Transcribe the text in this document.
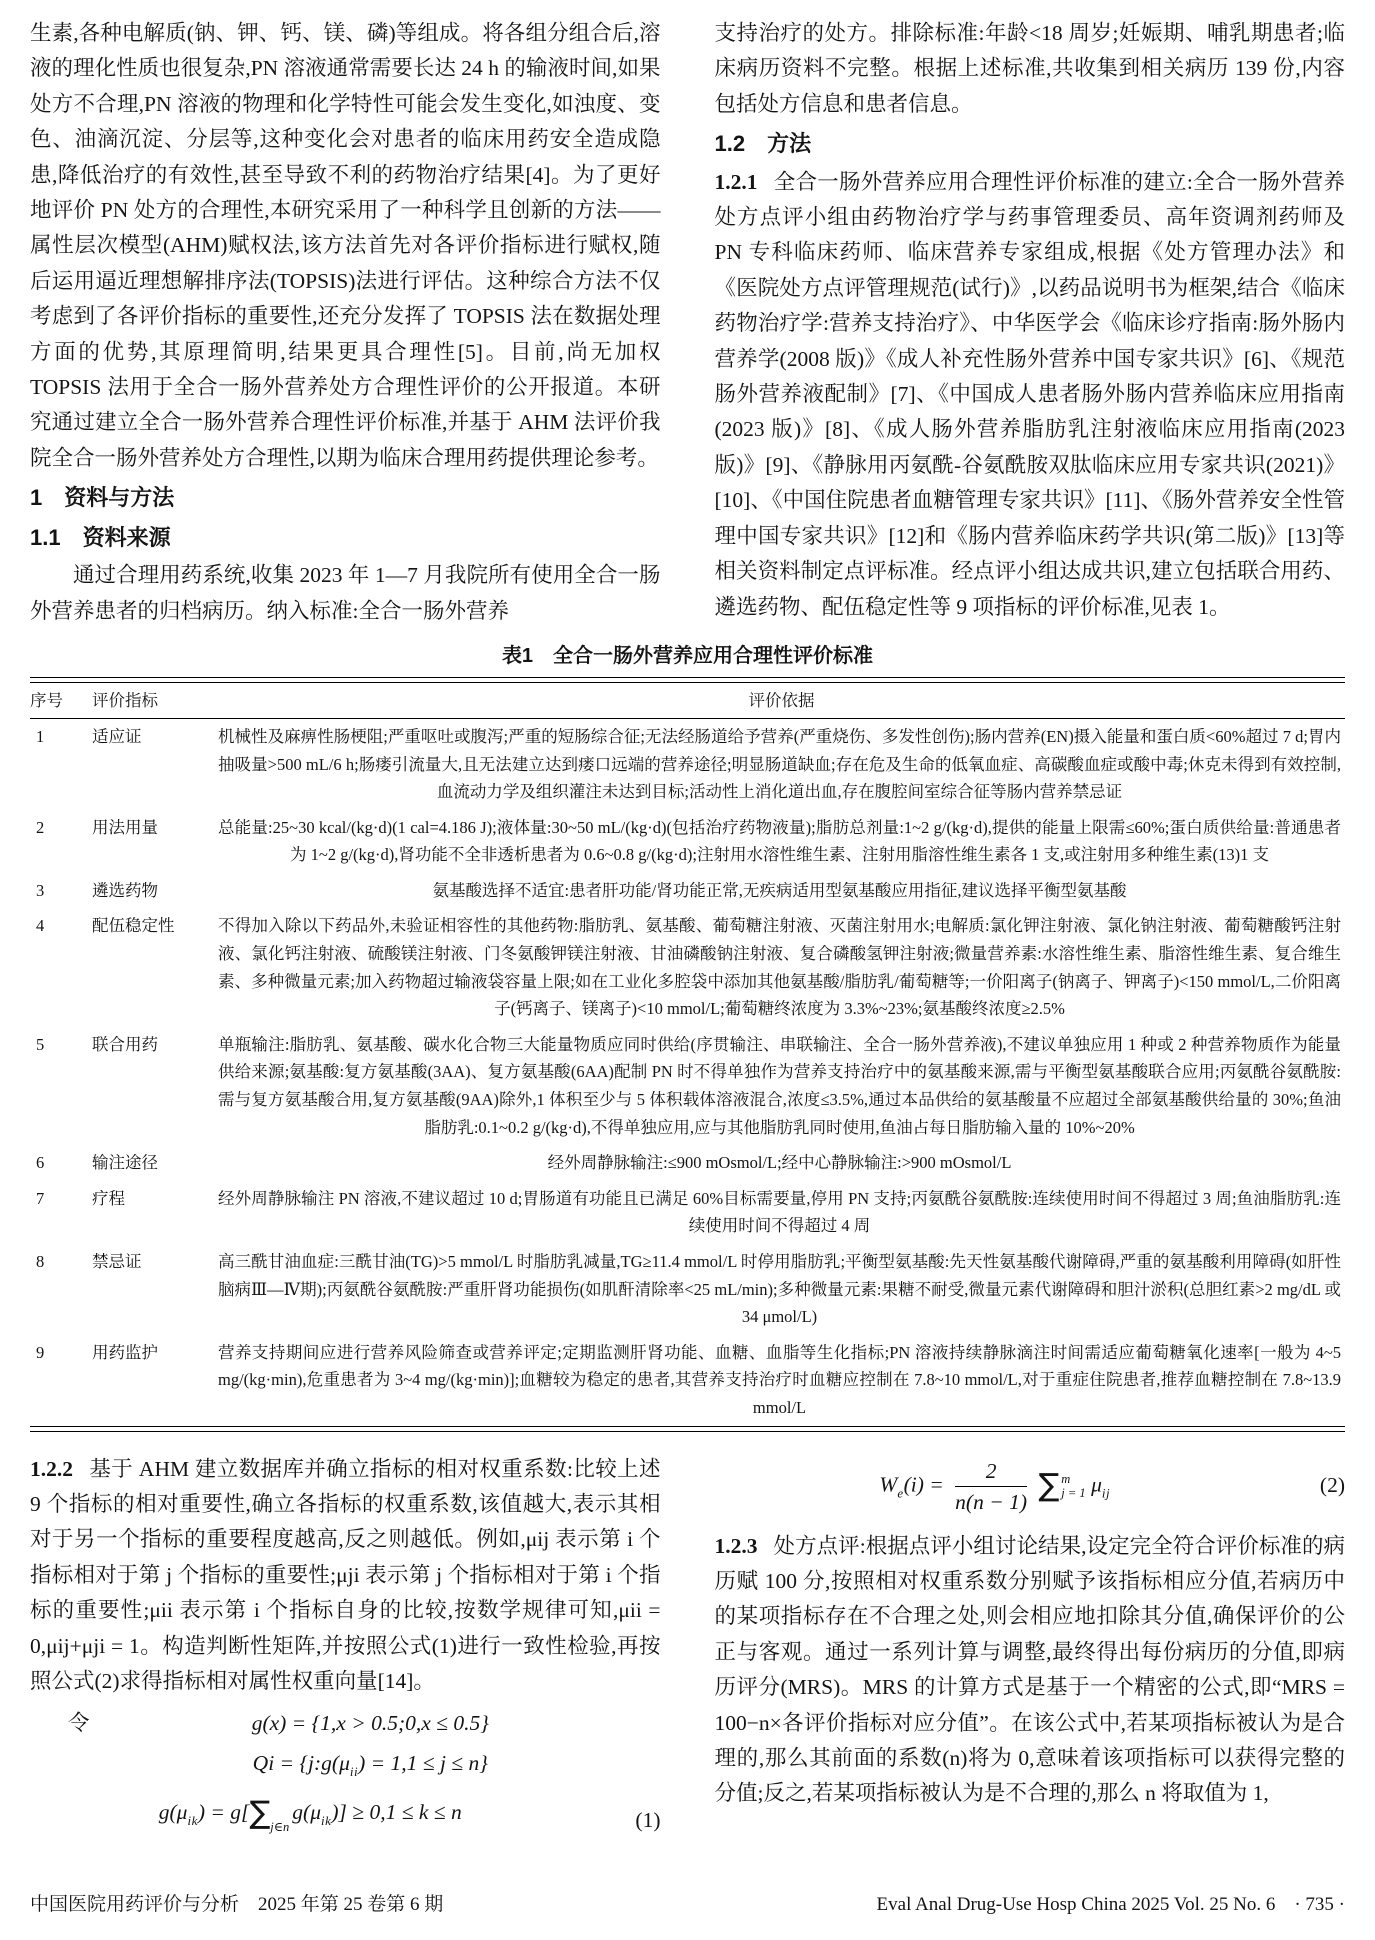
生素,各种电解质(钠、钾、钙、镁、磷)等组成。将各组分组合后,溶液的理化性质也很复杂,PN 溶液通常需要长达 24 h 的输液时间,如果处方不合理,PN 溶液的物理和化学特性可能会发生变化,如浊度、变色、油滴沉淀、分层等,这种变化会对患者的临床用药安全造成隐患,降低治疗的有效性,甚至导致不利的药物治疗结果[4]。为了更好地评价 PN 处方的合理性,本研究采用了一种科学且创新的方法——属性层次模型(AHM)赋权法,该方法首先对各评价指标进行赋权,随后运用逼近理想解排序法(TOPSIS)法进行评估。这种综合方法不仅考虑到了各评价指标的重要性,还充分发挥了 TOPSIS 法在数据处理方面的优势,其原理简明,结果更具合理性[5]。目前,尚无加权 TOPSIS 法用于全合一肠外营养处方合理性评价的公开报道。本研究通过建立全合一肠外营养合理性评价标准,并基于 AHM 法评价我院全合一肠外营养处方合理性,以期为临床合理用药提供理论参考。

1　资料与方法
1.1　资料来源

通过合理用药系统,收集 2023 年 1—7 月我院所有使用全合一肠外营养患者的归档病历。纳入标准:全合一肠外营养

支持治疗的处方。排除标准:年龄<18 周岁;妊娠期、哺乳期患者;临床病历资料不完整。根据上述标准,共收集到相关病历 139 份,内容包括处方信息和患者信息。

1.2　方法

1.2.1 全合一肠外营养应用合理性评价标准的建立:全合一肠外营养处方点评小组由药物治疗学与药事管理委员、高年资调剂药师及 PN 专科临床药师、临床营养专家组成,根据《处方管理办法》和《医院处方点评管理规范(试行)》,以药品说明书为框架,结合《临床药物治疗学:营养支持治疗》、中华医学会《临床诊疗指南:肠外肠内营养学(2008 版)》《成人补充性肠外营养中国专家共识》[6]、《规范肠外营养液配制》[7]、《中国成人患者肠外肠内营养临床应用指南(2023 版)》[8]、《成人肠外营养脂肪乳注射液临床应用指南(2023 版)》[9]、《静脉用丙氨酰-谷氨酰胺双肽临床应用专家共识(2021)》[10]、《中国住院患者血糖管理专家共识》[11]、《肠外营养安全性管理中国专家共识》[12]和《肠内营养临床药学共识(第二版)》[13]等相关资料制定点评标准。经点评小组达成共识,建立包括联合用药、遴选药物、配伍稳定性等 9 项指标的评价标准,见表 1。

表1　全合一肠外营养应用合理性评价标准
序号	评价指标	评价依据
1	适应证	机械性及麻痹性肠梗阻;严重呕吐或腹泻;严重的短肠综合征;无法经肠道给予营养(严重烧伤、多发性创伤);肠内营养(EN)摄入能量和蛋白质<60%超过 7 d;胃内抽吸量>500 mL/6 h;肠瘘引流量大,且无法建立达到瘘口远端的营养途径;明显肠道缺血;存在危及生命的低氧血症、高碳酸血症或酸中毒;休克未得到有效控制,血流动力学及组织灌注未达到目标;活动性上消化道出血,存在腹腔间室综合征等肠内营养禁忌证
2	用法用量	总能量:25~30 kcal/(kg·d)(1 cal=4.186 J);液体量:30~50 mL/(kg·d)(包括治疗药物液量);脂肪总剂量:1~2 g/(kg·d),提供的能量上限需≤60%;蛋白质供给量:普通患者为 1~2 g/(kg·d),肾功能不全非透析患者为 0.6~0.8 g/(kg·d);注射用水溶性维生素、注射用脂溶性维生素各 1 支,或注射用多种维生素(13)1 支
3	遴选药物	氨基酸选择不适宜:患者肝功能/肾功能正常,无疾病适用型氨基酸应用指征,建议选择平衡型氨基酸
4	配伍稳定性	不得加入除以下药品外,未验证相容性的其他药物:脂肪乳、氨基酸、葡萄糖注射液、灭菌注射用水;电解质:氯化钾注射液、氯化钠注射液、葡萄糖酸钙注射液、氯化钙注射液、硫酸镁注射液、门冬氨酸钾镁注射液、甘油磷酸钠注射液、复合磷酸氢钾注射液;微量营养素:水溶性维生素、脂溶性维生素、复合维生素、多种微量元素;加入药物超过输液袋容量上限;如在工业化多腔袋中添加其他氨基酸/脂肪乳/葡萄糖等;一价阳离子(钠离子、钾离子)<150 mmol/L,二价阳离子(钙离子、镁离子)<10 mmol/L;葡萄糖终浓度为 3.3%~23%;氨基酸终浓度≥2.5%
5	联合用药	单瓶输注:脂肪乳、氨基酸、碳水化合物三大能量物质应同时供给(序贯输注、串联输注、全合一肠外营养液),不建议单独应用 1 种或 2 种营养物质作为能量供给来源;氨基酸:复方氨基酸(3AA)、复方氨基酸(6AA)配制 PN 时不得单独作为营养支持治疗中的氨基酸来源,需与平衡型氨基酸联合应用;丙氨酰谷氨酰胺:需与复方氨基酸合用,复方氨基酸(9AA)除外,1 体积至少与 5 体积载体溶液混合,浓度≤3.5%,通过本品供给的氨基酸量不应超过全部氨基酸供给量的 30%;鱼油脂肪乳:0.1~0.2 g/(kg·d),不得单独应用,应与其他脂肪乳同时使用,鱼油占每日脂肪输入量的 10%~20%
6	输注途径	经外周静脉输注:≤900 mOsmol/L;经中心静脉输注:>900 mOsmol/L
7	疗程	经外周静脉输注 PN 溶液,不建议超过 10 d;胃肠道有功能且已满足 60%目标需要量,停用 PN 支持;丙氨酰谷氨酰胺:连续使用时间不得超过 3 周;鱼油脂肪乳:连续使用时间不得超过 4 周
8	禁忌证	高三酰甘油血症:三酰甘油(TG)>5 mmol/L 时脂肪乳减量,TG≥11.4 mmol/L 时停用脂肪乳;平衡型氨基酸:先天性氨基酸代谢障碍,严重的氨基酸利用障碍(如肝性脑病Ⅲ—Ⅳ期);丙氨酰谷氨酰胺:严重肝肾功能损伤(如肌酐清除率<25 mL/min);多种微量元素:果糖不耐受,微量元素代谢障碍和胆汁淤积(总胆红素>2 mg/dL 或 34 μmol/L)
9	用药监护	营养支持期间应进行营养风险筛查或营养评定;定期监测肝肾功能、血糖、血脂等生化指标;PN 溶液持续静脉滴注时间需适应葡萄糖氧化速率[一般为 4~5 mg/(kg·min),危重患者为 3~4 mg/(kg·min)];血糖较为稳定的患者,其营养支持治疗时血糖应控制在 7.8~10 mmol/L,对于重症住院患者,推荐血糖控制在 7.8~13.9 mmol/L

1.2.2 基于 AHM 建立数据库并确立指标的相对权重系数:比较上述 9 个指标的相对重要性,确立各指标的权重系数,该值越大,表示其相对于另一个指标的重要程度越高,反之则越低。例如,μij 表示第 i 个指标相对于第 j 个指标的重要性;μji 表示第 j 个指标相对于第 i 个指标的重要性;μii 表示第 i 个指标自身的比较,按数学规律可知,μii = 0,μij+μji = 1。构造判断性矩阵,并按照公式(1)进行一致性检验,再按照公式(2)求得指标相对属性权重向量[14]。

令	g(x) = {1,x > 0.5;0,x ≤ 0.5}
$Qi = \{j:g(\mu_{ii}) = 1,1 \le j \le n\}$
$g(\mu_{ik}) = g[\sum_{j\in n}g(\mu_{ik})] \ge 0,1 \le k \le n$	(1)
$W_e(i) = \frac{2}{n(n - 1)}$ ∑ m
j = 1 $\mu_{ij}$	(2)

1.2.3 处方点评:根据点评小组讨论结果,设定完全符合评价标准的病历赋 100 分,按照相对权重系数分别赋予该指标相应分值,若病历中的某项指标存在不合理之处,则会相应地扣除其分值,确保评价的公正与客观。通过一系列计算与调整,最终得出每份病历的分值,即病历评分(MRS)。MRS 的计算方式是基于一个精密的公式,即“MRS = 100−n×各评价指标对应分值”。在该公式中,若某项指标被认为是合理的,那么其前面的系数(n)将为 0,意味着该项指标可以获得完整的分值;反之,若某项指标被认为是不合理的,那么 n 将取值为 1,

中国医院用药评价与分析　2025 年第 25 卷第 6 期	Eval Anal Drug-Use Hosp China 2025 Vol. 25 No. 6　· 735 ·
